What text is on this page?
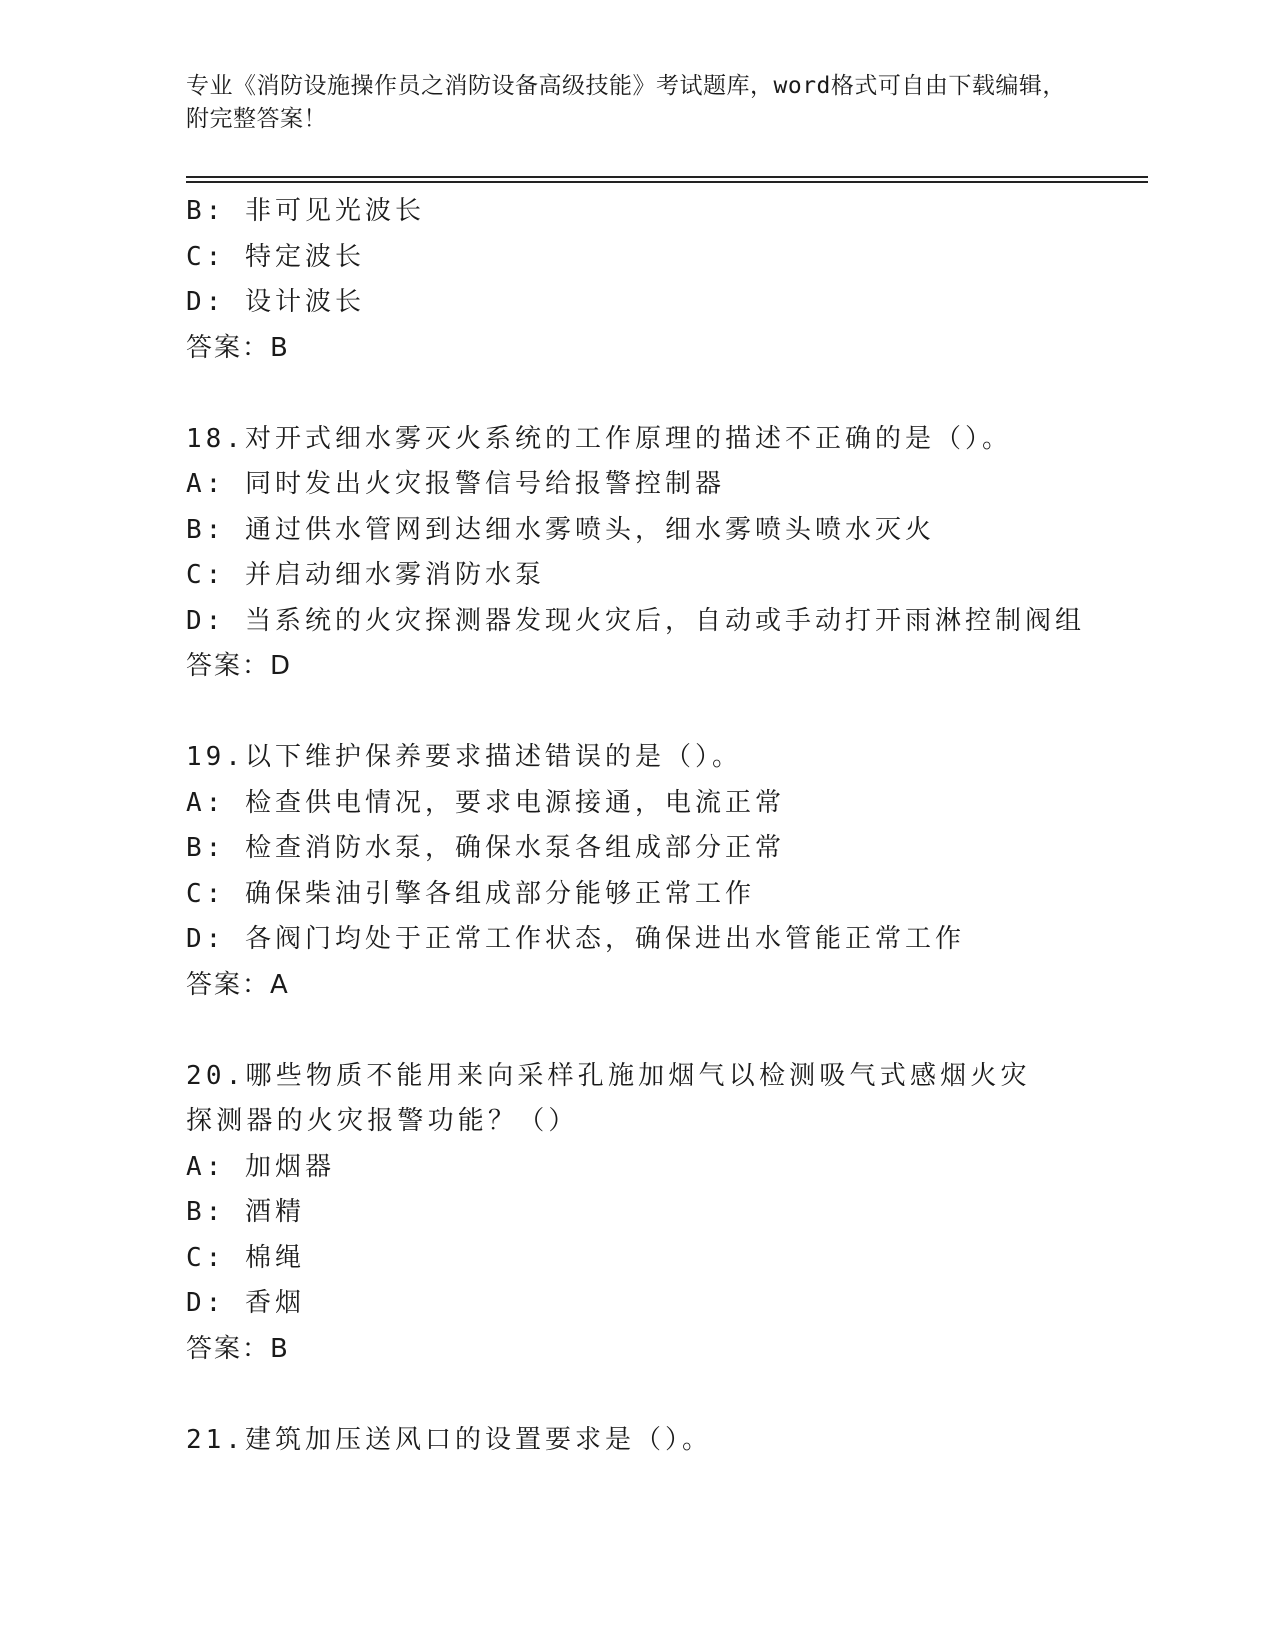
专业《消防设施操作员之消防设备高级技能》考试题库，word格式可自由下载编辑，附完整答案！
B: 非可见光波长
C: 特定波长
D: 设计波长
答案：B
18.对开式细水雾灭火系统的工作原理的描述不正确的是（）。
A: 同时发出火灾报警信号给报警控制器
B: 通过供水管网到达细水雾喷头，细水雾喷头喷水灭火
C: 并启动细水雾消防水泵
D: 当系统的火灾探测器发现火灾后，自动或手动打开雨淋控制阀组
答案：D
19.以下维护保养要求描述错误的是（）。
A: 检查供电情况，要求电源接通，电流正常
B: 检查消防水泵，确保水泵各组成部分正常
C: 确保柴油引擎各组成部分能够正常工作
D: 各阀门均处于正常工作状态，确保进出水管能正常工作
答案：A
20.哪些物质不能用来向采样孔施加烟气以检测吸气式感烟火灾探测器的火灾报警功能？（）
A: 加烟器
B: 酒精
C: 棉绳
D: 香烟
答案：B
21.建筑加压送风口的设置要求是（）。
